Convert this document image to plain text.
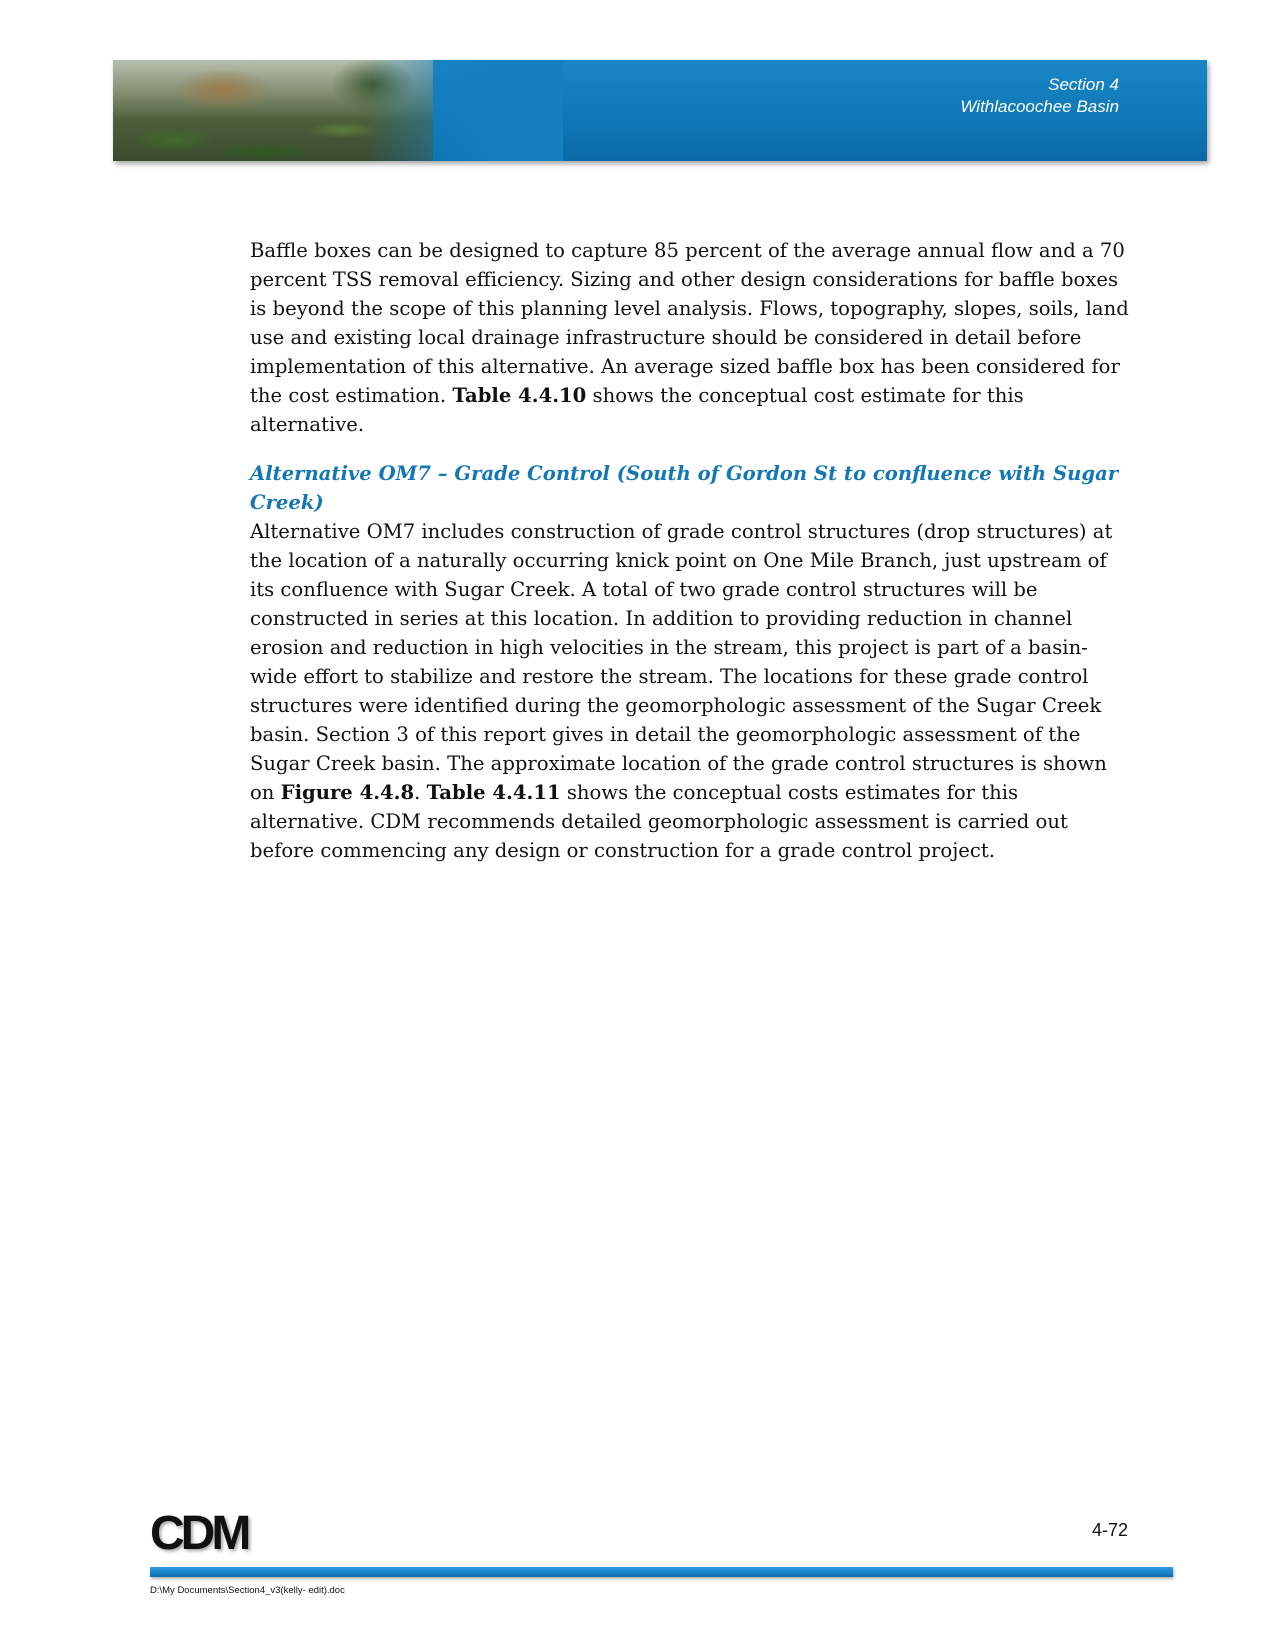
Section 4
Withlacoochee Basin

Baffle boxes can be designed to capture 85 percent of the average annual flow and a 70 percent TSS removal efficiency. Sizing and other design considerations for baffle boxes is beyond the scope of this planning level analysis. Flows, topography, slopes, soils, land use and existing local drainage infrastructure should be considered in detail before implementation of this alternative. An average sized baffle box has been considered for the cost estimation. Table 4.4.10 shows the conceptual cost estimate for this alternative.

Alternative OM7 – Grade Control (South of Gordon St to confluence with Sugar Creek)

Alternative OM7 includes construction of grade control structures (drop structures) at the location of a naturally occurring knick point on One Mile Branch, just upstream of its confluence with Sugar Creek. A total of two grade control structures will be constructed in series at this location. In addition to providing reduction in channel erosion and reduction in high velocities in the stream, this project is part of a basin-wide effort to stabilize and restore the stream. The locations for these grade control structures were identified during the geomorphologic assessment of the Sugar Creek basin. Section 3 of this report gives in detail the geomorphologic assessment of the Sugar Creek basin. The approximate location of the grade control structures is shown on Figure 4.4.8. Table 4.4.11 shows the conceptual costs estimates for this alternative. CDM recommends detailed geomorphologic assessment is carried out before commencing any design or construction for a grade control project.

CDM	4-72
D:\My Documents\Section4_v3(kelly- edit).doc
